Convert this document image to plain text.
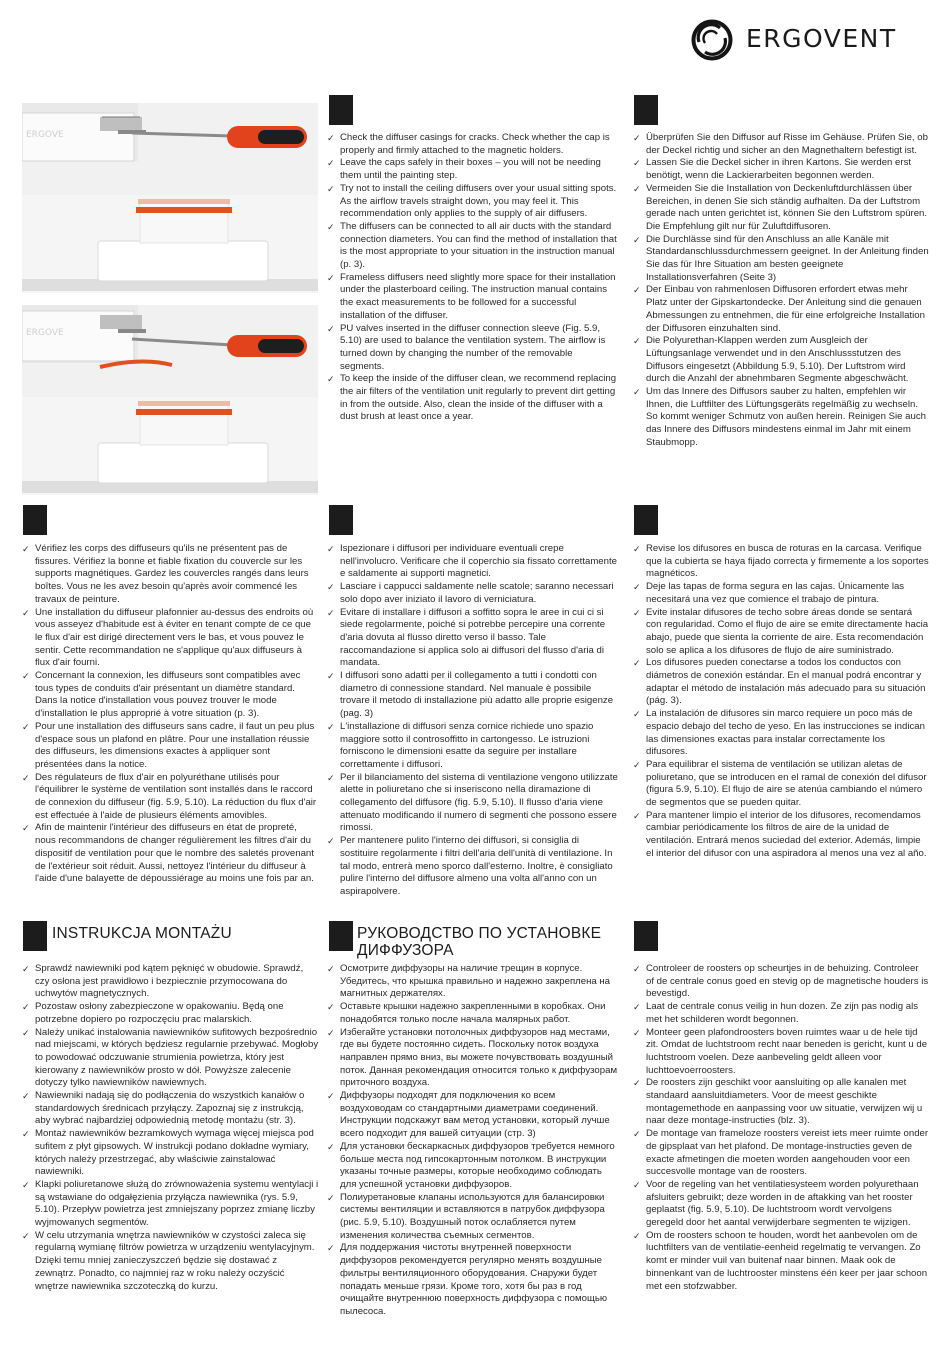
ERGOVENT
ERGOVE
ERGOVE
INSTRUKCJA MONTAŻU	РУКОВОДСТВО ПО УСТАНОВКЕ ДИФФУЗОРА
✓ Check the diffuser casings for cracks. Check whether the cap is properly and firmly attached to the magnetic holders.
✓ Leave the caps safely in their boxes – you will not be needing them until the painting step.
✓ Try not to install the ceiling diffusers over your usual sitting spots. As the airflow travels straight down, you may feel it. This recommendation only applies to the supply of air diffusers.
✓ The diffusers can be connected to all air ducts with the standard connection diameters. You can find the method of installation that is the most appropriate to your situation in the instruction manual (p. 3).
✓ Frameless diffusers need slightly more space for their installation under the plasterboard ceiling. The instruction manual contains the exact measurements to be followed for a successful installation of the diffuser.
✓ PU valves inserted in the diffuser connection sleeve (Fig. 5.9, 5.10) are used to balance the ventilation system. The airflow is turned down by changing the number of the removable segments.
✓ To keep the inside of the diffuser clean, we recommend replacing the air filters of the ventilation unit regularly to prevent dirt getting in from the outside. Also, clean the inside of the diffuser with a dust brush at least once a year.
✓ Überprüfen Sie den Diffusor auf Risse im Gehäuse. Prüfen Sie, ob der Deckel richtig und sicher an den Magnethaltern befestigt ist.
✓ Lassen Sie die Deckel sicher in ihren Kartons. Sie werden erst benötigt, wenn die Lackierarbeiten begonnen werden.
✓ Vermeiden Sie die Installation von Deckenluftdurchlässen über Bereichen, in denen Sie sich ständig aufhalten. Da der Luftstrom gerade nach unten gerichtet ist, können Sie den Luftstrom spüren. Die Empfehlung gilt nur für Zuluftdiffusoren.
✓ Die Durchlässe sind für den Anschluss an alle Kanäle mit Standardanschlussdurchmessern geeignet. In der Anleitung finden Sie das für Ihre Situation am besten geeignete Installationsverfahren (Seite 3)
✓ Der Einbau von rahmenlosen Diffusoren erfordert etwas mehr Platz unter der Gipskartondecke. Der Anleitung sind die genauen Abmessungen zu entnehmen, die für eine erfolgreiche Installation der Diffusoren einzuhalten sind.
✓ Die Polyurethan-Klappen werden zum Ausgleich der Lüftungsanlage verwendet und in den Anschlussstutzen des Diffusors eingesetzt (Abbildung 5.9, 5.10). Der Luftstrom wird durch die Anzahl der abnehmbaren Segmente abgeschwächt.
✓ Um das Innere des Diffusors sauber zu halten, empfehlen wir Ihnen, die Luftfilter des Lüftungsgeräts regelmäßig zu wechseln. So kommt weniger Schmutz von außen herein. Reinigen Sie auch das Innere des Diffusors mindestens einmal im Jahr mit einem Staubmopp.
✓ Vérifiez les corps des diffuseurs qu'ils ne présentent pas de fissures. Vérifiez la bonne et fiable fixation du couvercle sur les supports magnétiques. Gardez les couvercles rangés dans leurs boîtes. Vous ne les avez besoin qu'après avoir commencé les travaux de peinture.
✓ Une installation du diffuseur plafonnier au-dessus des endroits où vous asseyez d'habitude est à éviter en tenant compte de ce que le flux d'air est dirigé directement vers le bas, et vous pouvez le sentir. Cette recommandation ne s'applique qu'aux diffuseurs à flux d'air fourni.
✓ Concernant la connexion, les diffuseurs sont compatibles avec tous types de conduits d'air présentant un diamètre standard. Dans la notice d'installation vous pouvez trouver le mode d'installation le plus approprié à votre situation (p. 3).
✓ Pour une installation des diffuseurs sans cadre, il faut un peu plus d'espace sous un plafond en plâtre. Pour une installation réussie des diffuseurs, les dimensions exactes à appliquer sont présentées dans la notice.
✓ Des régulateurs de flux d'air en polyuréthane utilisés pour l'équilibrer le système de ventilation sont installés dans le raccord de connexion du diffuseur (fig. 5.9, 5.10). La réduction du flux d'air est effectuée à l'aide de plusieurs éléments amovibles.
✓ Afin de maintenir l'intérieur des diffuseurs en état de propreté, nous recommandons de changer régulièrement les filtres d'air du dispositif de ventilation pour que le nombre des saletés provenant de l'extérieur soit réduit. Aussi, nettoyez l'intérieur du diffuseur à l'aide d'une balayette de dépoussiérage au moins une fois par an.
✓ Ispezionare i diffusori per individuare eventuali crepe nell'involucro. Verificare che il coperchio sia fissato correttamente e saldamente ai supporti magnetici.
✓ Lasciare i cappucci saldamente nelle scatole; saranno necessari solo dopo aver iniziato il lavoro di verniciatura.
✓ Evitare di installare i diffusori a soffitto sopra le aree in cui ci si siede regolarmente, poiché si potrebbe percepire una corrente d'aria dovuta al flusso diretto verso il basso. Tale raccomandazione si applica solo ai diffusori del flusso d'aria di mandata.
✓ I diffusori sono adatti per il collegamento a tutti i condotti con diametro di connessione standard. Nel manuale è possibile trovare il metodo di installazione più adatto alle proprie esigenze (pag. 3)
✓ L'installazione di diffusori senza cornice richiede uno spazio maggiore sotto il controsoffitto in cartongesso. Le istruzioni forniscono le dimensioni esatte da seguire per installare correttamente i diffusori.
✓ Per il bilanciamento del sistema di ventilazione vengono utilizzate alette in poliuretano che si inseriscono nella diramazione di collegamento del diffusore (fig. 5.9, 5.10). Il flusso d'aria viene attenuato modificando il numero di segmenti che possono essere rimossi.
✓ Per mantenere pulito l'interno dei diffusori, si consiglia di sostituire regolarmente i filtri dell'aria dell'unità di ventilazione. In tal modo, entrerà meno sporco dall'esterno. Inoltre, è consigliato pulire l'interno del diffusore almeno una volta all'anno con un aspirapolvere.
✓ Revise los difusores en busca de roturas en la carcasa. Verifique que la cubierta se haya fijado correcta y firmemente a los soportes magnéticos.
✓ Deje las tapas de forma segura en las cajas. Únicamente las necesitará una vez que comience el trabajo de pintura.
✓ Evite instalar difusores de techo sobre áreas donde se sentará con regularidad. Como el flujo de aire se emite directamente hacia abajo, puede que sienta la corriente de aire. Esta recomendación solo se aplica a los difusores de flujo de aire suministrado.
✓ Los difusores pueden conectarse a todos los conductos con diámetros de conexión estándar. En el manual podrá encontrar y adaptar el método de instalación más adecuado para su situación (pág. 3).
✓ La instalación de difusores sin marco requiere un poco más de espacio debajo del techo de yeso. En las instrucciones se indican las dimensiones exactas para instalar correctamente los difusores.
✓ Para equilibrar el sistema de ventilación se utilizan aletas de poliuretano, que se introducen en el ramal de conexión del difusor (figura 5.9, 5.10). El flujo de aire se atenúa cambiando el número de segmentos que se pueden quitar.
✓ Para mantener limpio el interior de los difusores, recomendamos cambiar periódicamente los filtros de aire de la unidad de ventilación. Entrará menos suciedad del exterior. Además, limpie el interior del difusor con una aspiradora al menos una vez al año.
✓ Sprawdź nawiewniki pod kątem pęknięć w obudowie. Sprawdź, czy osłona jest prawidłowo i bezpiecznie przymocowana do uchwytów magnetycznych.
✓ Pozostaw osłony zabezpieczone w opakowaniu. Będą one potrzebne dopiero po rozpoczęciu prac malarskich.
✓ Należy unikać instalowania nawiewników sufitowych bezpośrednio nad miejscami, w których będziesz regularnie przebywać. Mogłoby to powodować odczuwanie strumienia powietrza, który jest kierowany z nawiewników prosto w dół. Powyższe zalecenie dotyczy tylko nawiewników nawiewnych.
✓ Nawiewniki nadają się do podłączenia do wszystkich kanałów o standardowych średnicach przyłączy. Zapoznaj się z instrukcją, aby wybrać najbardziej odpowiednią metodę montażu (str. 3).
✓ Montaż nawiewników bezramkowych wymaga więcej miejsca pod sufitem z płyt gipsowych. W instrukcji podano dokładne wymiary, których należy przestrzegać, aby właściwie zainstalować nawiewniki.
✓ Klapki poliuretanowe służą do zrównoważenia systemu wentylacji i są wstawiane do odgałęzienia przyłącza nawiewnika (rys. 5.9, 5.10). Przepływ powietrza jest zmniejszany poprzez zmianę liczby wyjmowanych segmentów.
✓ W celu utrzymania wnętrza nawiewników w czystości zaleca się regularną wymianę filtrów powietrza w urządzeniu wentylacyjnym. Dzięki temu mniej zanieczyszczeń będzie się dostawać z zewnątrz. Ponadto, co najmniej raz w roku należy oczyścić wnętrze nawiewnika szczoteczką do kurzu.
✓ Осмотрите диффузоры на наличие трещин в корпусе. Убедитесь, что крышка правильно и надежно закреплена на магнитных держателях.
✓ Оставьте крышки надежно закрепленными в коробках. Они понадобятся только после начала малярных работ.
✓ Избегайте установки потолочных диффузоров над местами, где вы будете постоянно сидеть. Поскольку поток воздуха направлен прямо вниз, вы можете почувствовать воздушный поток. Данная рекомендация относится только к диффузорам приточного воздуха.
✓ Диффузоры подходят для подключения ко всем воздуховодам со стандартными диаметрами соединений. Инструкции подскажут вам метод установки, который лучше всего подходит для вашей ситуации (стр. 3)
✓ Для установки бескаркасных диффузоров требуется немного больше места под гипсокартонным потолком. В инструкции указаны точные размеры, которые необходимо соблюдать для успешной установки диффузоров.
✓ Полиуретановые клапаны используются для балансировки системы вентиляции и вставляются в патрубок диффузора (рис. 5.9, 5.10). Воздушный поток ослабляется путем изменения количества съемных сегментов.
✓ Для поддержания чистоты внутренней поверхности диффузоров рекомендуется регулярно менять воздушные фильтры вентиляционного оборудования. Снаружи будет попадать меньше грязи. Кроме того, хотя бы раз в год очищайте внутреннюю поверхность диффузора с помощью пылесоса.
✓ Controleer de roosters op scheurtjes in de behuizing. Controleer of de centrale conus goed en stevig op de magnetische houders is bevestigd.
✓ Laat de centrale conus veilig in hun dozen. Ze zijn pas nodig als met het schilderen wordt begonnen.
✓ Monteer geen plafondroosters boven ruimtes waar u de hele tijd zit. Omdat de luchtstroom recht naar beneden is gericht, kunt u de luchtstroom voelen. Deze aanbeveling geldt alleen voor luchttoevoerroosters.
✓ De roosters zijn geschikt voor aansluiting op alle kanalen met standaard aansluitdiameters. Voor de meest geschikte montagemethode en aanpassing voor uw situatie, verwijzen wij u naar deze montage-instructies (blz. 3).
✓ De montage van frameloze roosters vereist iets meer ruimte onder de gipsplaat van het plafond. De montage-instructies geven de exacte afmetingen die moeten worden aangehouden voor een succesvolle montage van de roosters.
✓ Voor de regeling van het ventilatiesysteem worden polyurethaan afsluiters gebruikt; deze worden in de aftakking van het rooster geplaatst (fig. 5.9, 5.10). De luchtstroom wordt vervolgens geregeld door het aantal verwijderbare segmenten te wijzigen.
✓ Om de roosters schoon te houden, wordt het aanbevolen om de luchtfilters van de ventilatie-eenheid regelmatig te vervangen. Zo komt er minder vuil van buitenaf naar binnen. Maak ook de binnenkant van de luchtrooster minstens één keer per jaar schoon met een stofzwabber.
